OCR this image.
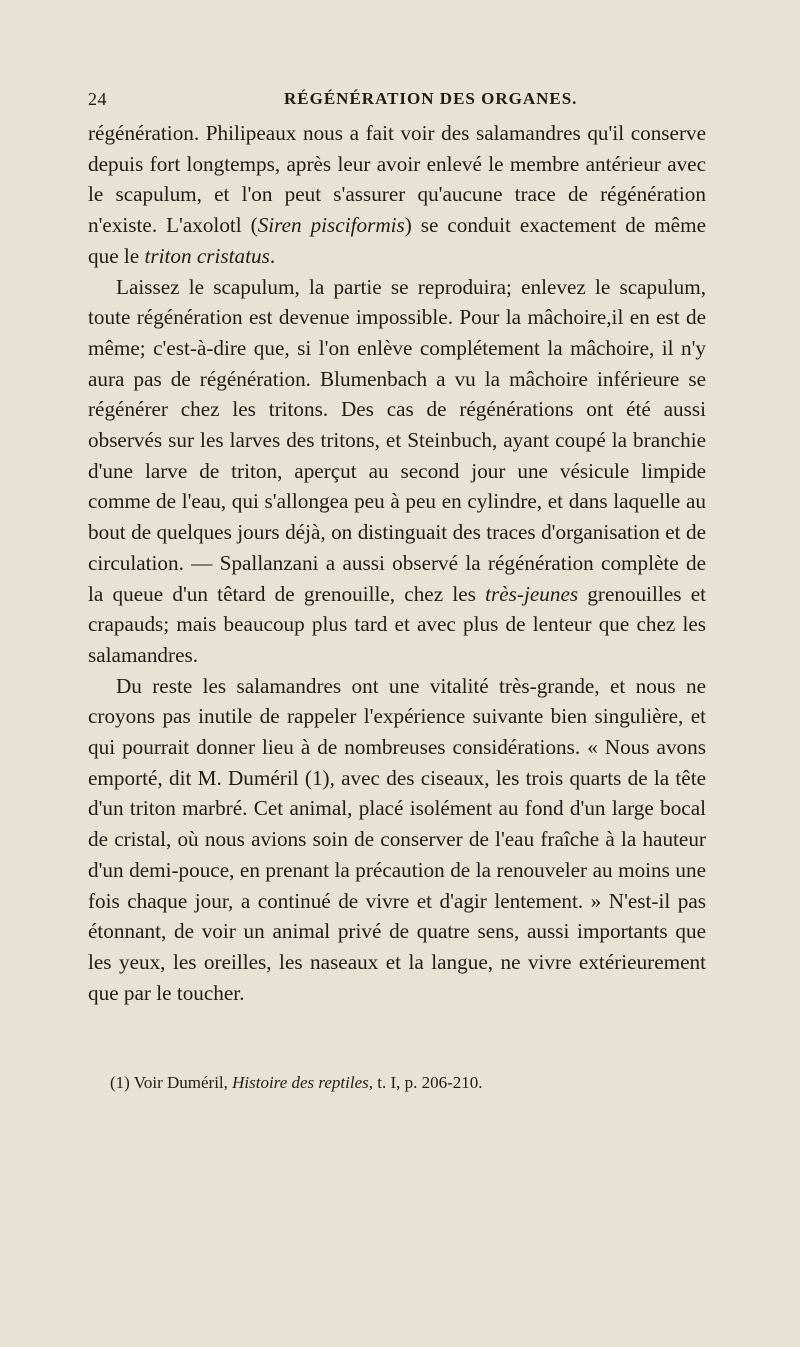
24	RÉGÉNÉRATION DES ORGANES.

régénération. Philipeaux nous a fait voir des salamandres qu'il conserve depuis fort longtemps, après leur avoir enlevé le membre antérieur avec le scapulum, et l'on peut s'assurer qu'aucune trace de régénération n'existe. L'axolotl (Siren pisciformis) se conduit exactement de même que le triton cristatus.

Laissez le scapulum, la partie se reproduira; enlevez le scapulum, toute régénération est devenue impossible. Pour la mâchoire,il en est de même; c'est-à-dire que, si l'on enlève complétement la mâchoire, il n'y aura pas de régénération. Blumenbach a vu la mâchoire inférieure se régénérer chez les tritons. Des cas de régénérations ont été aussi observés sur les larves des tritons, et Steinbuch, ayant coupé la branchie d'une larve de triton, aperçut au second jour une vésicule limpide comme de l'eau, qui s'allongea peu à peu en cylindre, et dans laquelle au bout de quelques jours déjà, on distinguait des traces d'organisation et de circulation. — Spallanzani a aussi observé la régénération complète de la queue d'un têtard de grenouille, chez les très-jeunes grenouilles et crapauds; mais beaucoup plus tard et avec plus de lenteur que chez les salamandres.

Du reste les salamandres ont une vitalité très-grande, et nous ne croyons pas inutile de rappeler l'expérience suivante bien singulière, et qui pourrait donner lieu à de nombreuses considérations. « Nous avons emporté, dit M. Duméril (1), avec des ciseaux, les trois quarts de la tête d'un triton marbré. Cet animal, placé isolément au fond d'un large bocal de cristal, où nous avions soin de conserver de l'eau fraîche à la hauteur d'un demi-pouce, en prenant la précaution de la renouveler au moins une fois chaque jour, a continué de vivre et d'agir lentement. » N'est-il pas étonnant, de voir un animal privé de quatre sens, aussi importants que les yeux, les oreilles, les naseaux et la langue, ne vivre extérieurement que par le toucher.

(1) Voir Duméril, Histoire des reptiles, t. I, p. 206-210.
